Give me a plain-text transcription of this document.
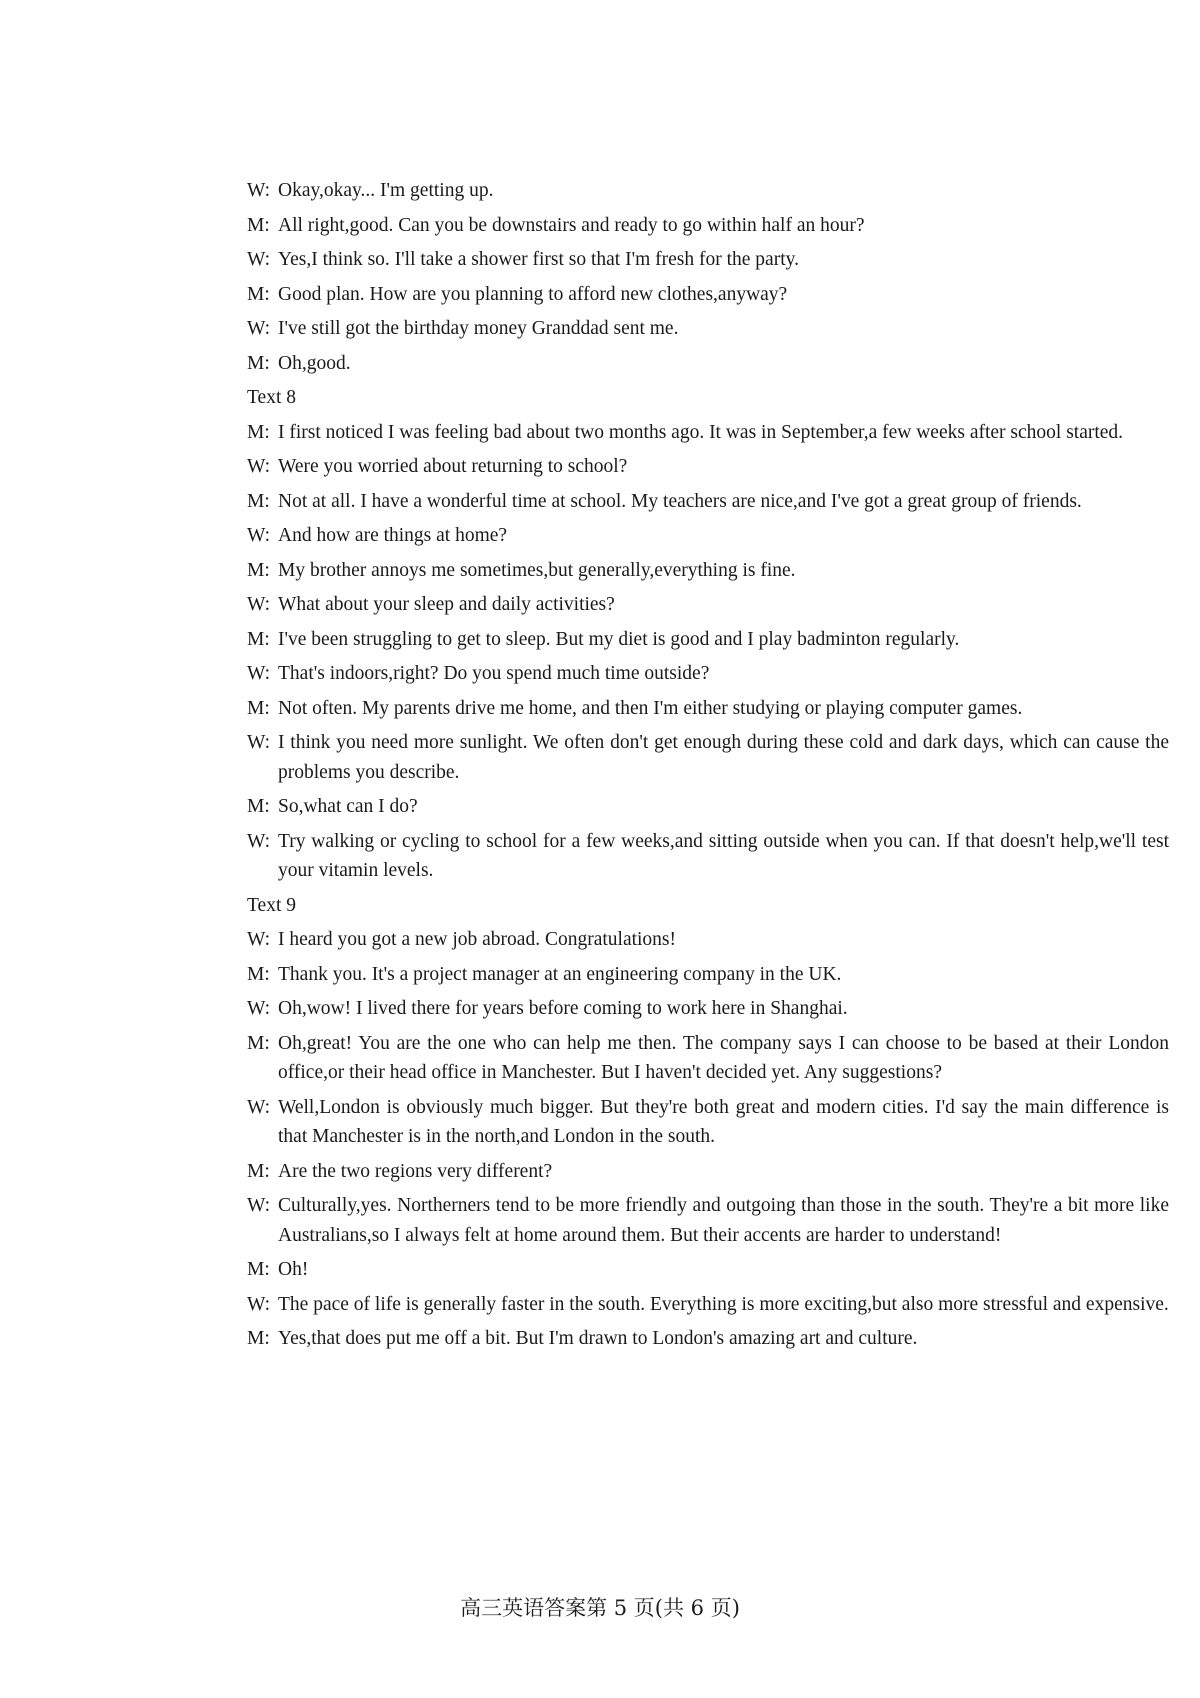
W: Okay,okay... I'm getting up.
M: All right,good. Can you be downstairs and ready to go within half an hour?
W: Yes,I think so. I'll take a shower first so that I'm fresh for the party.
M: Good plan. How are you planning to afford new clothes,anyway?
W: I've still got the birthday money Granddad sent me.
M: Oh,good.
Text 8
M: I first noticed I was feeling bad about two months ago. It was in September,a few weeks after school started.
W: Were you worried about returning to school?
M: Not at all. I have a wonderful time at school. My teachers are nice,and I've got a great group of friends.
W: And how are things at home?
M: My brother annoys me sometimes,but generally,everything is fine.
W: What about your sleep and daily activities?
M: I've been struggling to get to sleep. But my diet is good and I play badminton regularly.
W: That's indoors,right? Do you spend much time outside?
M: Not often. My parents drive me home, and then I'm either studying or playing computer games.
W: I think you need more sunlight. We often don't get enough during these cold and dark days, which can cause the problems you describe.
M: So,what can I do?
W: Try walking or cycling to school for a few weeks,and sitting outside when you can. If that doesn't help,we'll test your vitamin levels.
Text 9
W: I heard you got a new job abroad. Congratulations!
M: Thank you. It's a project manager at an engineering company in the UK.
W: Oh,wow! I lived there for years before coming to work here in Shanghai.
M: Oh,great! You are the one who can help me then. The company says I can choose to be based at their London office,or their head office in Manchester. But I haven't decided yet. Any suggestions?
W: Well,London is obviously much bigger. But they're both great and modern cities. I'd say the main difference is that Manchester is in the north,and London in the south.
M: Are the two regions very different?
W: Culturally,yes. Northerners tend to be more friendly and outgoing than those in the south. They're a bit more like Australians,so I always felt at home around them. But their accents are harder to understand!
M: Oh!
W: The pace of life is generally faster in the south. Everything is more exciting,but also more stressful and expensive.
M: Yes,that does put me off a bit. But I'm drawn to London's amazing art and culture.
高三英语答案第 5 页(共 6 页)
